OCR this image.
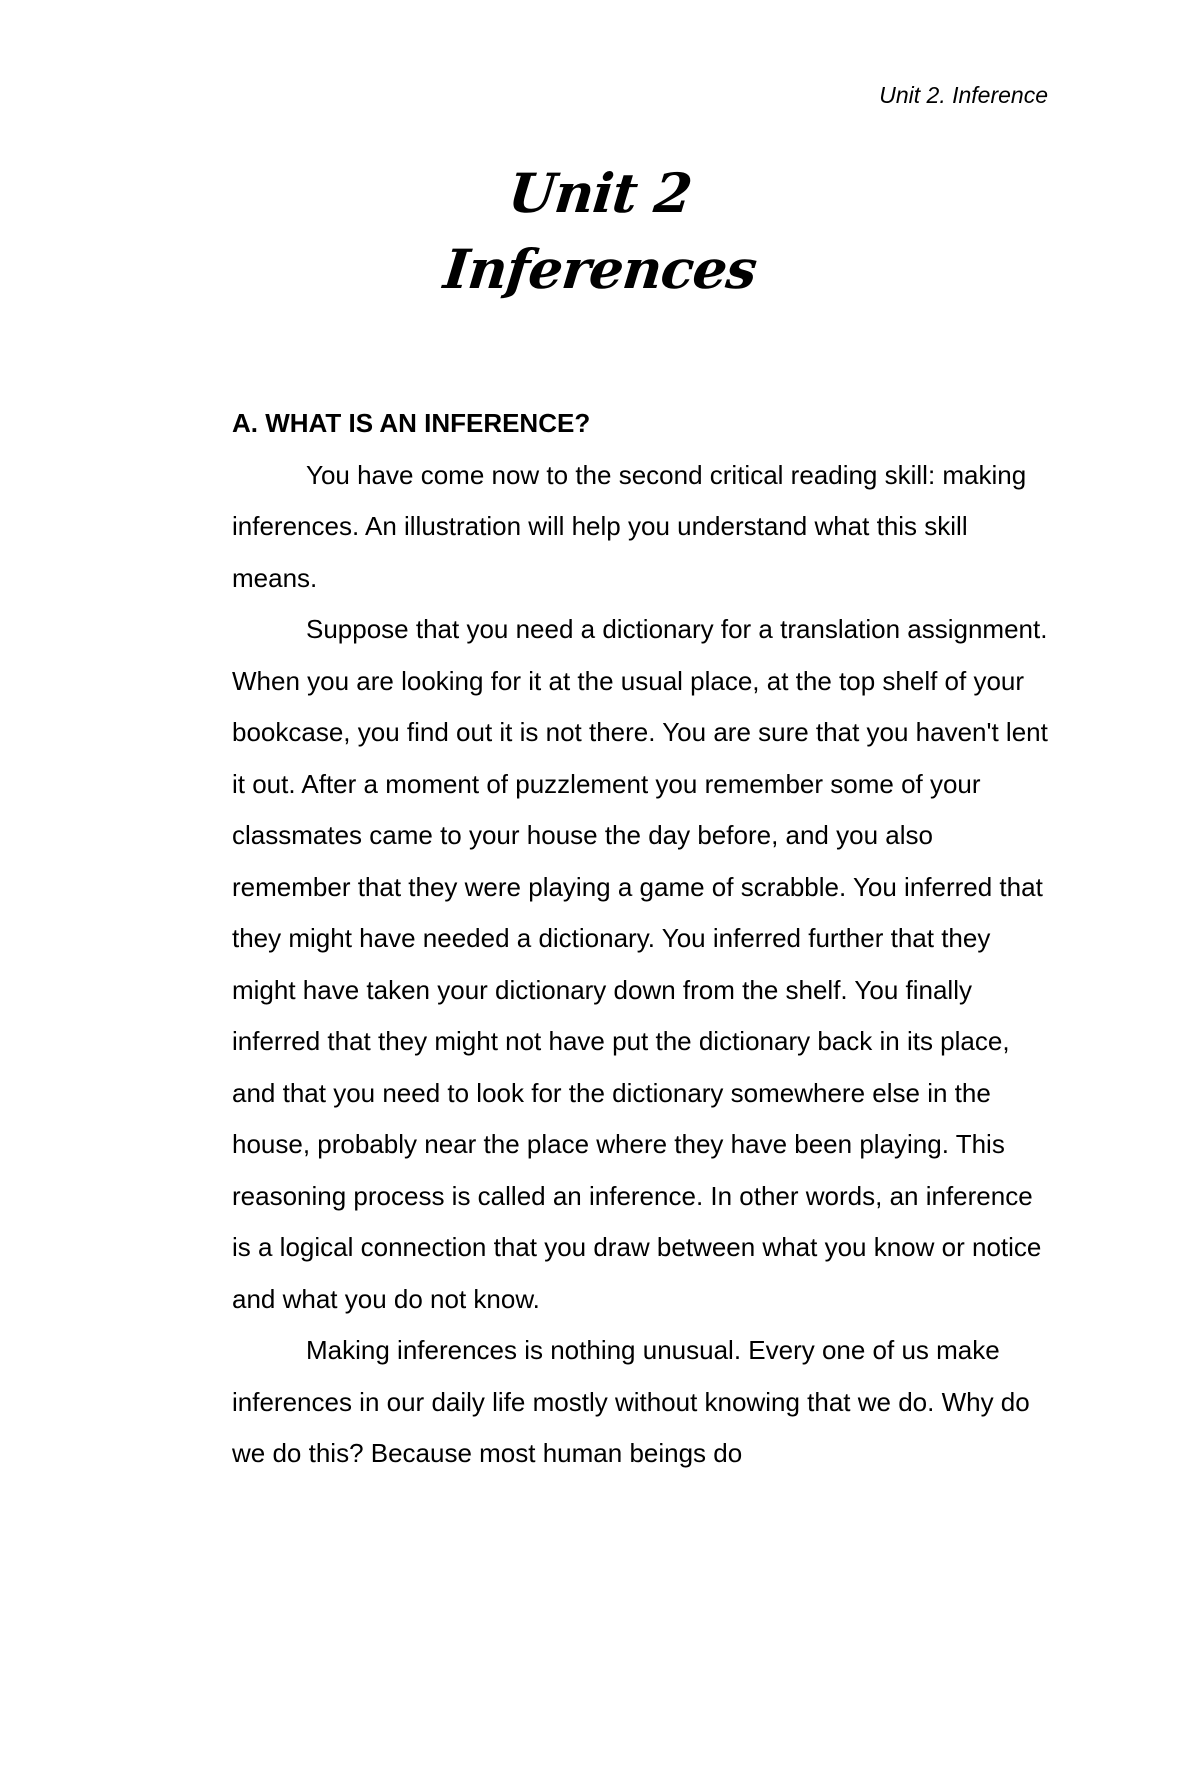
Unit 2. Inference
Unit 2
Inferences

A. WHAT IS AN INFERENCE?

You have come now to the second critical reading skill: making inferences. An illustration will help you understand what this skill means.

Suppose that you need a dictionary for a translation assignment. When you are looking for it at the usual place, at the top shelf of your bookcase, you find out it is not there. You are sure that you haven't lent it out. After a moment of puzzlement you remember some of your classmates came to your house the day before, and you also remember that they were playing a game of scrabble. You inferred that they might have needed a dictionary. You inferred further that they might have taken your dictionary down from the shelf. You finally inferred that they might not have put the dictionary back in its place, and that you need to look for the dictionary somewhere else in the house, probably near the place where they have been playing. This reasoning process is called an inference. In other words, an inference is a logical connection that you draw between what you know or notice and what you do not know.

Making inferences is nothing unusual. Every one of us make inferences in our daily life mostly without knowing that we do. Why do we do this? Because most human beings do
